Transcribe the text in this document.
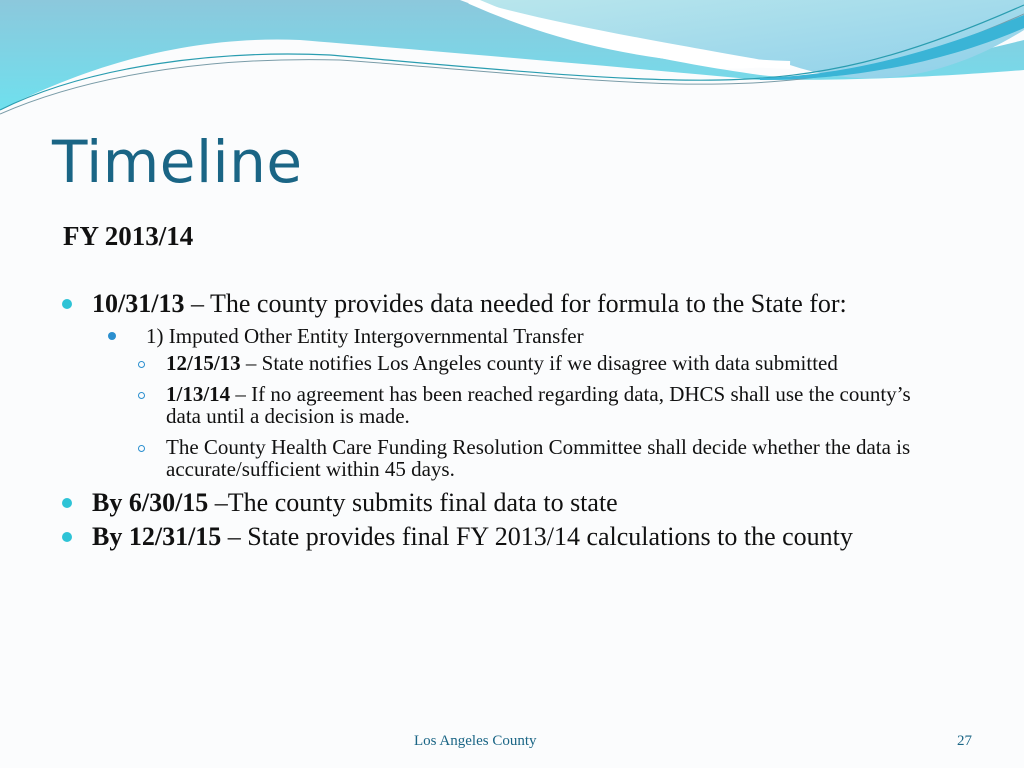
Timeline
FY 2013/14
10/31/13 – The county provides data needed for formula to the State for:
1) Imputed Other Entity Intergovernmental Transfer
12/15/13 – State notifies Los Angeles county if we disagree with data submitted
1/13/14 – If no agreement has been reached regarding data, DHCS shall use the county’s data until a decision is made.
The County Health Care Funding Resolution Committee shall decide whether the data is accurate/sufficient within 45 days.
By 6/30/15 –The county submits final data to state
By 12/31/15 – State provides final FY 2013/14 calculations to the county
Los Angeles County	27
